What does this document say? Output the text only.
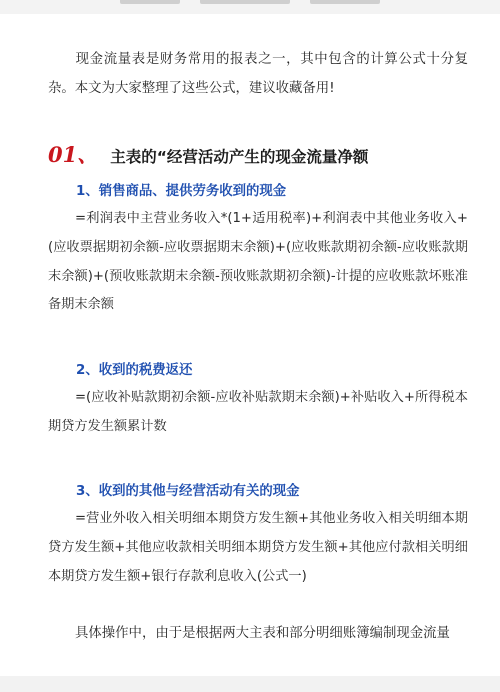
现金流量表是财务常用的报表之一，其中包含的计算公式十分复杂。本文为大家整理了这些公式，建议收藏备用!

01、 主表的“经营活动产生的现金流量净额

1、销售商品、提供劳务收到的现金

=利润表中主营业务收入*(1+适用税率)+利润表中其他业务收入+(应收票据期初余额-应收票据期末余额)+(应收账款期初余额-应收账款期末余额)+(预收账款期末余额-预收账款期初余额)-计提的应收账款坏账准备期末余额

2、收到的税费返还

=(应收补贴款期初余额-应收补贴款期末余额)+补贴收入+所得税本期贷方发生额累计数

3、收到的其他与经营活动有关的现金

=营业外收入相关明细本期贷方发生额+其他业务收入相关明细本期贷方发生额+其他应收款相关明细本期贷方发生额+其他应付款相关明细本期贷方发生额+银行存款利息收入(公式一)

具体操作中，由于是根据两大主表和部分明细账簿编制现金流量
